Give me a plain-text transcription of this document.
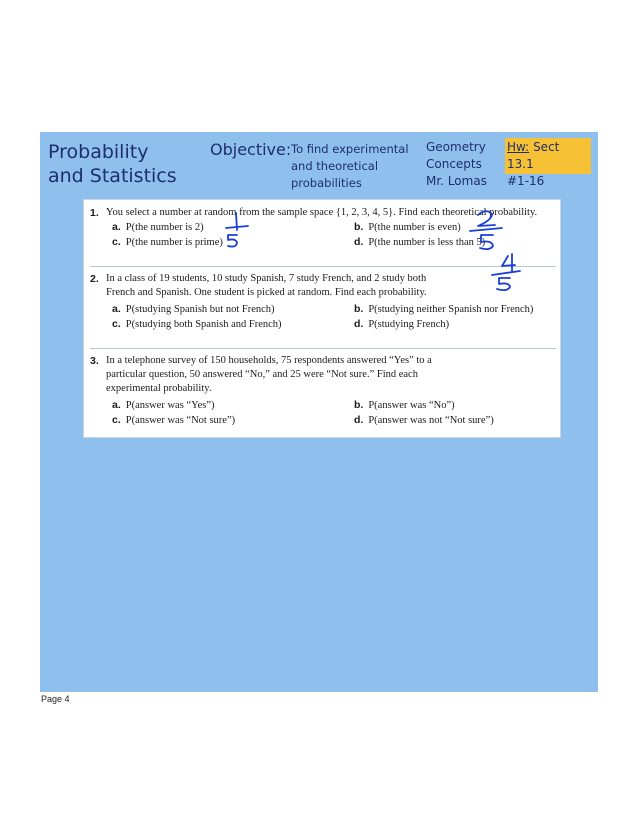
Probability
and Statistics
Objective: To find experimental and theoretical probabilities
Geometry
Concepts
Mr. Lomas
Hw: Sect 13.1
#1-16
1. You select a number at random from the sample space {1, 2, 3, 4, 5}. Find each theoretical probability.
a. P(the number is 2)	b. P(the number is even)
c. P(the number is prime)	d. P(the number is less than 5)
2. In a class of 19 students, 10 study Spanish, 7 study French, and 2 study both French and Spanish. One student is picked at random. Find each probability.
a. P(studying Spanish but not French)	b. P(studying neither Spanish nor French)
c. P(studying both Spanish and French)	d. P(studying French)
3. In a telephone survey of 150 households, 75 respondents answered “Yes” to a particular question, 50 answered “No,” and 25 were “Not sure.” Find each experimental probability.
a. P(answer was “Yes”)	b. P(answer was “No”)
c. P(answer was “Not sure”)	d. P(answer was not “Not sure”)
Page 4
